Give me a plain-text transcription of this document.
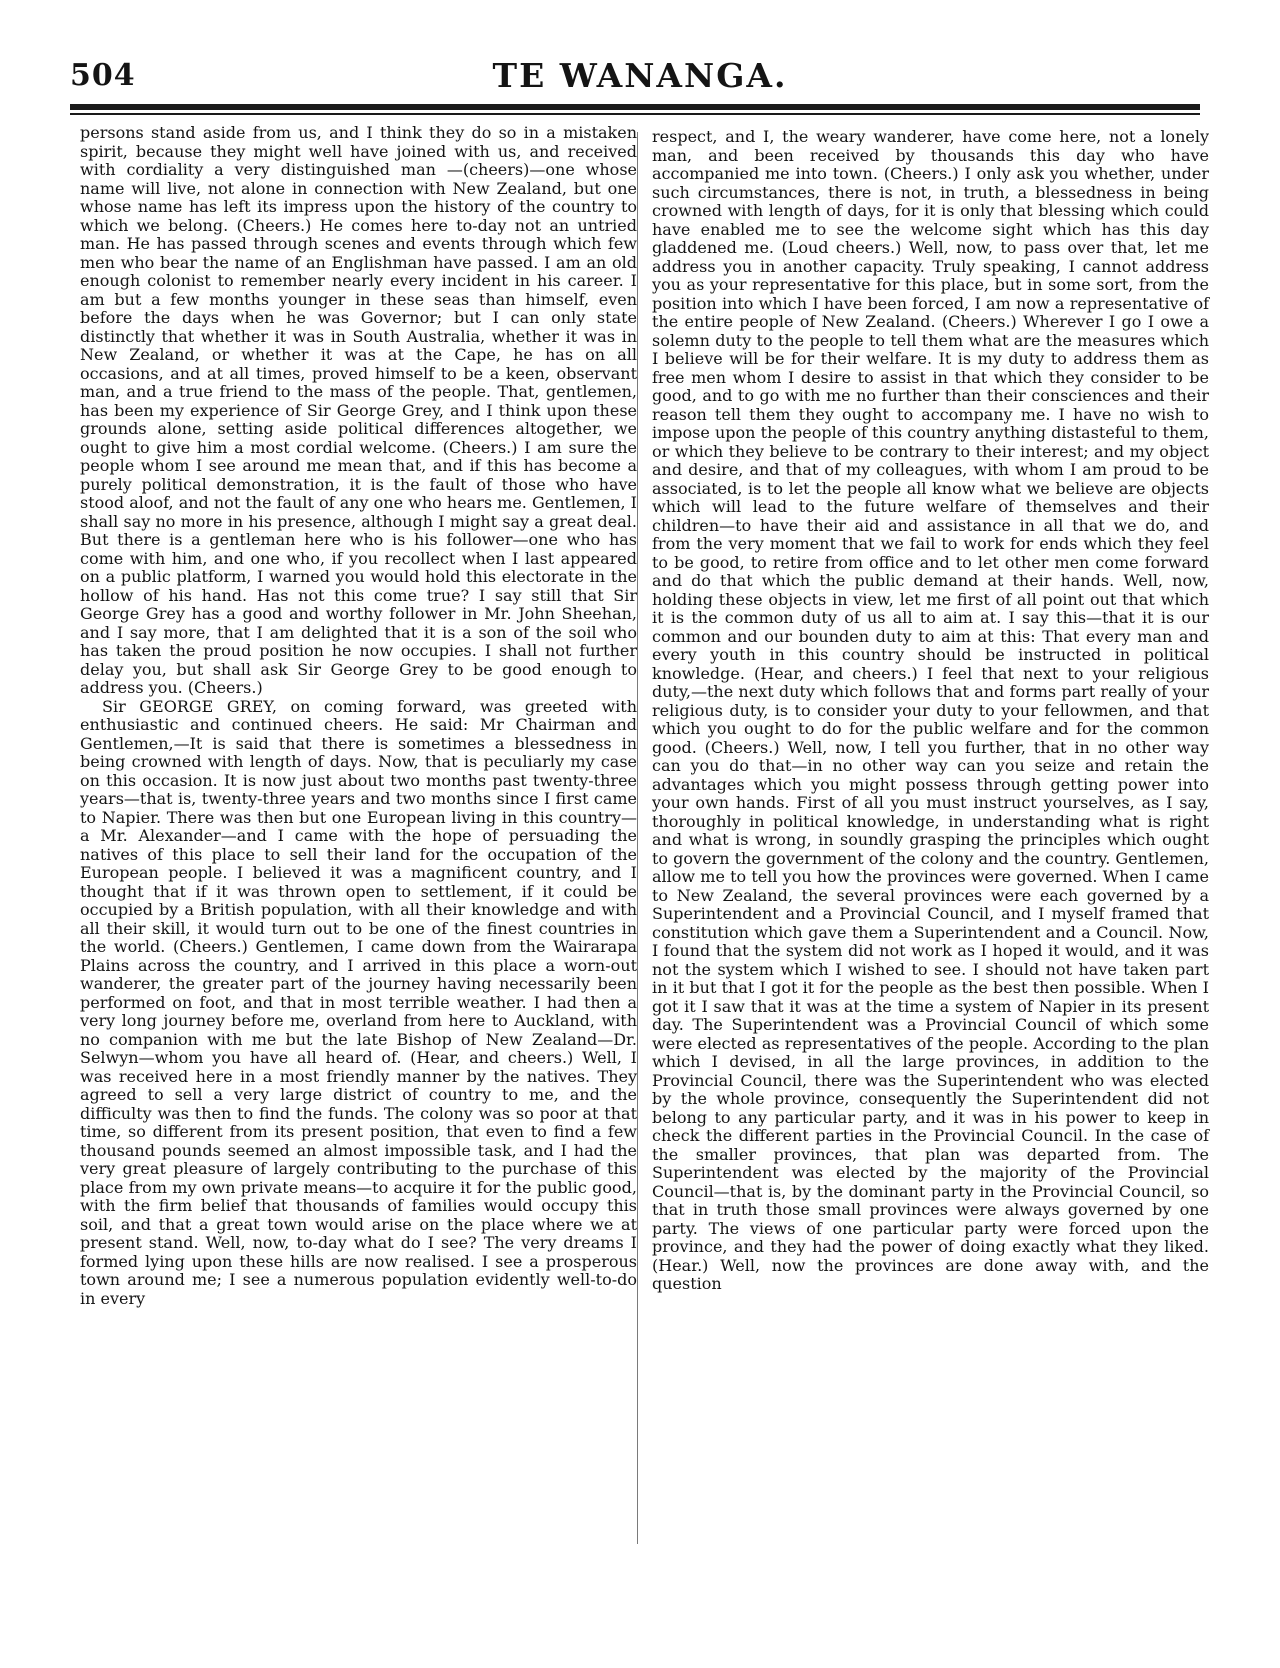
504	TE WANANGA.

persons stand aside from us, and I think they do so in a mistaken spirit, because they might well have joined with us, and received with cordiality a very distinguished man —(cheers)—one whose name will live, not alone in connection with New Zealand, but one whose name has left its impress upon the history of the country to which we belong. (Cheers.) He comes here to-day not an untried man. He has passed through scenes and events through which few men who bear the name of an Englishman have passed. I am an old enough colonist to remember nearly every incident in his career. I am but a few months younger in these seas than himself, even before the days when he was Governor; but I can only state distinctly that whether it was in South Australia, whether it was in New Zealand, or whether it was at the Cape, he has on all occasions, and at all times, proved himself to be a keen, observant man, and a true friend to the mass of the people. That, gentlemen, has been my experience of Sir George Grey, and I think upon these grounds alone, setting aside political differences altogether, we ought to give him a most cordial welcome. (Cheers.) I am sure the people whom I see around me mean that, and if this has become a purely political demonstration, it is the fault of those who have stood aloof, and not the fault of any one who hears me. Gentlemen, I shall say no more in his presence, although I might say a great deal. But there is a gentleman here who is his follower—one who has come with him, and one who, if you recollect when I last appeared on a public platform, I warned you would hold this electorate in the hollow of his hand. Has not this come true? I say still that Sir George Grey has a good and worthy follower in Mr. John Sheehan, and I say more, that I am delighted that it is a son of the soil who has taken the proud position he now occupies. I shall not further delay you, but shall ask Sir George Grey to be good enough to address you. (Cheers.)

Sir GEORGE GREY, on coming forward, was greeted with enthusiastic and continued cheers. He said: Mr Chairman and Gentlemen,—It is said that there is sometimes a blessedness in being crowned with length of days. Now, that is peculiarly my case on this occasion. It is now just about two months past twenty-three years—that is, twenty-three years and two months since I first came to Napier. There was then but one European living in this country—a Mr. Alexander—and I came with the hope of persuading the natives of this place to sell their land for the occupation of the European people. I believed it was a magnificent country, and I thought that if it was thrown open to settlement, if it could be occupied by a British population, with all their knowledge and with all their skill, it would turn out to be one of the finest countries in the world. (Cheers.) Gentlemen, I came down from the Wairarapa Plains across the country, and I arrived in this place a worn-out wanderer, the greater part of the journey having necessarily been performed on foot, and that in most terrible weather. I had then a very long journey before me, overland from here to Auckland, with no companion with me but the late Bishop of New Zealand—Dr. Selwyn—whom you have all heard of. (Hear, and cheers.) Well, I was received here in a most friendly manner by the natives. They agreed to sell a very large district of country to me, and the difficulty was then to find the funds. The colony was so poor at that time, so different from its present position, that even to find a few thousand pounds seemed an almost impossible task, and I had the very great pleasure of largely contributing to the purchase of this place from my own private means—to acquire it for the public good, with the firm belief that thousands of families would occupy this soil, and that a great town would arise on the place where we at present stand. Well, now, to-day what do I see? The very dreams I formed lying upon these hills are now realised. I see a prosperous town around me; I see a numerous population evidently well-to-do in every

respect, and I, the weary wanderer, have come here, not a lonely man, and been received by thousands this day who have accompanied me into town. (Cheers.) I only ask you whether, under such circumstances, there is not, in truth, a blessedness in being crowned with length of days, for it is only that blessing which could have enabled me to see the welcome sight which has this day gladdened me. (Loud cheers.) Well, now, to pass over that, let me address you in another capacity. Truly speaking, I cannot address you as your representative for this place, but in some sort, from the position into which I have been forced, I am now a representative of the entire people of New Zealand. (Cheers.) Wherever I go I owe a solemn duty to the people to tell them what are the measures which I believe will be for their welfare. It is my duty to address them as free men whom I desire to assist in that which they consider to be good, and to go with me no further than their consciences and their reason tell them they ought to accompany me. I have no wish to impose upon the people of this country anything distasteful to them, or which they believe to be contrary to their interest; and my object and desire, and that of my colleagues, with whom I am proud to be associated, is to let the people all know what we believe are objects which will lead to the future welfare of themselves and their children—to have their aid and assistance in all that we do, and from the very moment that we fail to work for ends which they feel to be good, to retire from office and to let other men come forward and do that which the public demand at their hands. Well, now, holding these objects in view, let me first of all point out that which it is the common duty of us all to aim at. I say this—that it is our common and our bounden duty to aim at this: That every man and every youth in this country should be instructed in political knowledge. (Hear, and cheers.) I feel that next to your religious duty,—the next duty which follows that and forms part really of your religious duty, is to consider your duty to your fellowmen, and that which you ought to do for the public welfare and for the common good. (Cheers.) Well, now, I tell you further, that in no other way can you do that—in no other way can you seize and retain the advantages which you might possess through getting power into your own hands. First of all you must instruct yourselves, as I say, thoroughly in political knowledge, in understanding what is right and what is wrong, in soundly grasping the principles which ought to govern the government of the colony and the country. Gentlemen, allow me to tell you how the provinces were governed. When I came to New Zealand, the several provinces were each governed by a Superintendent and a Provincial Council, and I myself framed that constitution which gave them a Superintendent and a Council. Now, I found that the system did not work as I hoped it would, and it was not the system which I wished to see. I should not have taken part in it but that I got it for the people as the best then possible. When I got it I saw that it was at the time a system of Napier in its present day. The Superintendent was a Provincial Council of which some were elected as representatives of the people. According to the plan which I devised, in all the large provinces, in addition to the Provincial Council, there was the Superintendent who was elected by the whole province, consequently the Superintendent did not belong to any particular party, and it was in his power to keep in check the different parties in the Provincial Council. In the case of the smaller provinces, that plan was departed from. The Superintendent was elected by the majority of the Provincial Council—that is, by the dominant party in the Provincial Council, so that in truth those small provinces were always governed by one party. The views of one particular party were forced upon the province, and they had the power of doing exactly what they liked. (Hear.) Well, now the provinces are done away with, and the question
